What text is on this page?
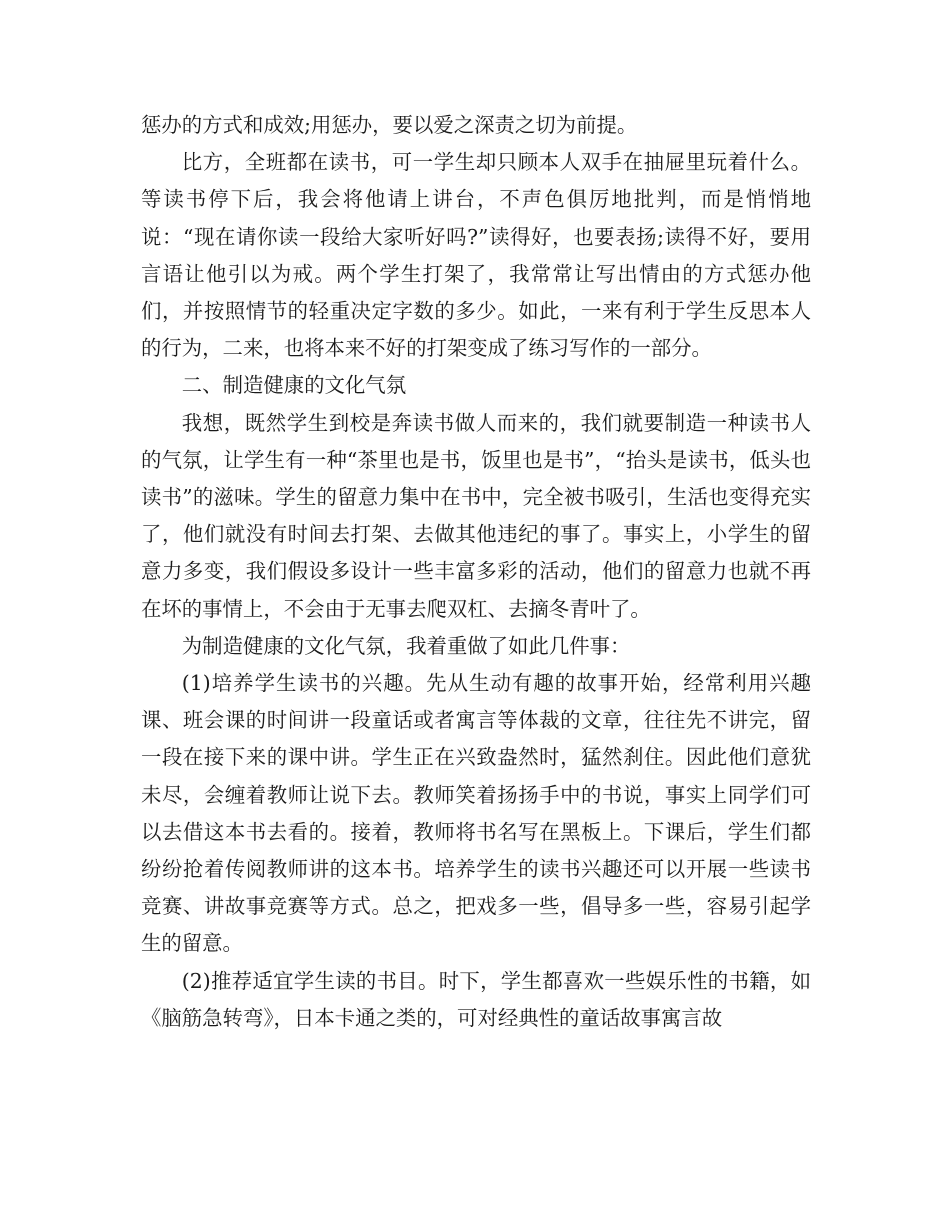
惩办的方式和成效;用惩办，要以爱之深责之切为前提。

比方，全班都在读书，可一学生却只顾本人双手在抽屉里玩着什么。等读书停下后，我会将他请上讲台，不声色俱厉地批判，而是悄悄地说：“现在请你读一段给大家听好吗?”读得好，也要表扬;读得不好，要用言语让他引以为戒。两个学生打架了，我常常让写出情由的方式惩办他们，并按照情节的轻重决定字数的多少。如此，一来有利于学生反思本人的行为，二来，也将本来不好的打架变成了练习写作的一部分。

二、制造健康的文化气氛

我想，既然学生到校是奔读书做人而来的，我们就要制造一种读书人的气氛，让学生有一种“茶里也是书，饭里也是书”，“抬头是读书，低头也读书”的滋味。学生的留意力集中在书中，完全被书吸引，生活也变得充实了，他们就没有时间去打架、去做其他违纪的事了。事实上，小学生的留意力多变，我们假设多设计一些丰富多彩的活动，他们的留意力也就不再在坏的事情上，不会由于无事去爬双杠、去摘冬青叶了。

为制造健康的文化气氛，我着重做了如此几件事：

(1)培养学生读书的兴趣。先从生动有趣的故事开始，经常利用兴趣课、班会课的时间讲一段童话或者寓言等体裁的文章，往往先不讲完，留一段在接下来的课中讲。学生正在兴致盎然时，猛然刹住。因此他们意犹未尽，会缠着教师让说下去。教师笑着扬扬手中的书说，事实上同学们可以去借这本书去看的。接着，教师将书名写在黑板上。下课后，学生们都纷纷抢着传阅教师讲的这本书。培养学生的读书兴趣还可以开展一些读书竞赛、讲故事竞赛等方式。总之，把戏多一些，倡导多一些，容易引起学生的留意。

(2)推荐适宜学生读的书目。时下，学生都喜欢一些娱乐性的书籍，如《脑筋急转弯》，日本卡通之类的，可对经典性的童话故事寓言故
